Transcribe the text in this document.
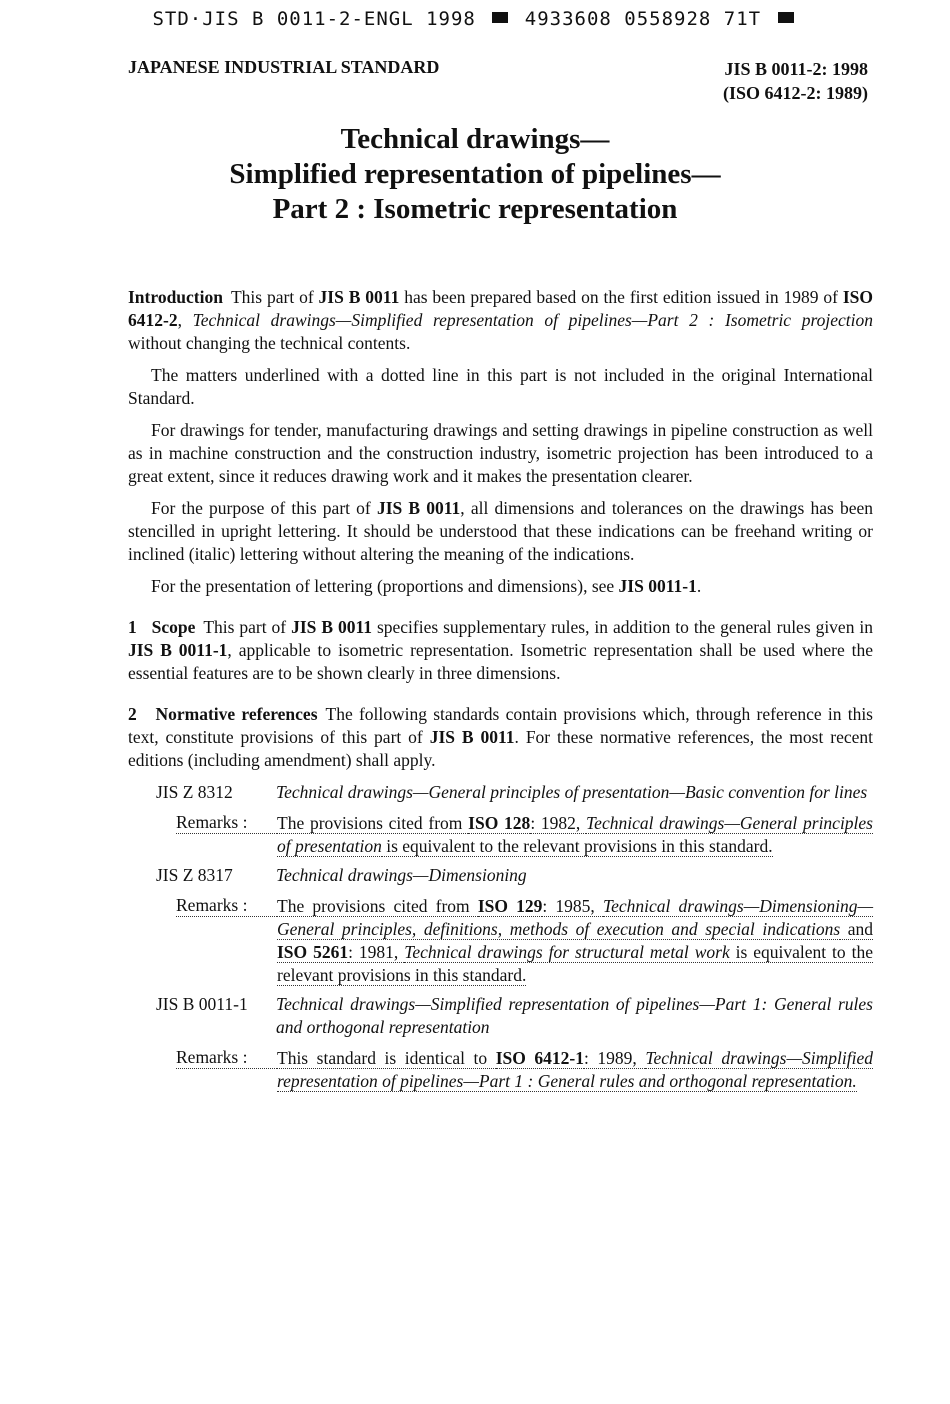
STD·JIS B 0011-2-ENGL 1998	4933608 0558928 71T
JAPANESE INDUSTRIAL STANDARD	JIS B 0011-2: 1998
(ISO 6412-2: 1989)
Technical drawings—
Simplified representation of pipelines—
Part 2 : Isometric representation

Introduction This part of JIS B 0011 has been prepared based on the first edition issued in 1989 of ISO 6412-2, Technical drawings—Simplified representation of pipelines—Part 2 : Isometric projection without changing the technical contents.

The matters underlined with a dotted line in this part is not included in the original International Standard.

For drawings for tender, manufacturing drawings and setting drawings in pipeline construction as well as in machine construction and the construction industry, isometric projection has been introduced to a great extent, since it reduces drawing work and it makes the presentation clearer.

For the purpose of this part of JIS B 0011, all dimensions and tolerances on the drawings has been stencilled in upright lettering. It should be understood that these indications can be freehand writing or inclined (italic) lettering without altering the meaning of the indications.

For the presentation of lettering (proportions and dimensions), see JIS 0011-1.

1 Scope This part of JIS B 0011 specifies supplementary rules, in addition to the general rules given in JIS B 0011-1, applicable to isometric representation. Isometric representation shall be used where the essential features are to be shown clearly in three dimensions.

2 Normative references The following standards contain provisions which, through reference in this text, constitute provisions of this part of JIS B 0011. For these normative references, the most recent editions (including amendment) shall apply.

JIS Z 8312	Technical drawings—General principles of presentation—Basic convention for lines
Remarks :	The provisions cited from ISO 128: 1982, Technical drawings—General principles of presentation is equivalent to the relevant provisions in this standard.
JIS Z 8317	Technical drawings—Dimensioning
Remarks :	The provisions cited from ISO 129: 1985, Technical drawings—Dimensioning—General principles, definitions, methods of execution and special indications and ISO 5261: 1981, Technical drawings for structural metal work is equivalent to the relevant provisions in this standard.
JIS B 0011-1	Technical drawings—Simplified representation of pipelines—Part 1: General rules and orthogonal representation
Remarks :	This standard is identical to ISO 6412-1: 1989, Technical drawings—Simplified representation of pipelines—Part 1 : General rules and orthogonal representation.
